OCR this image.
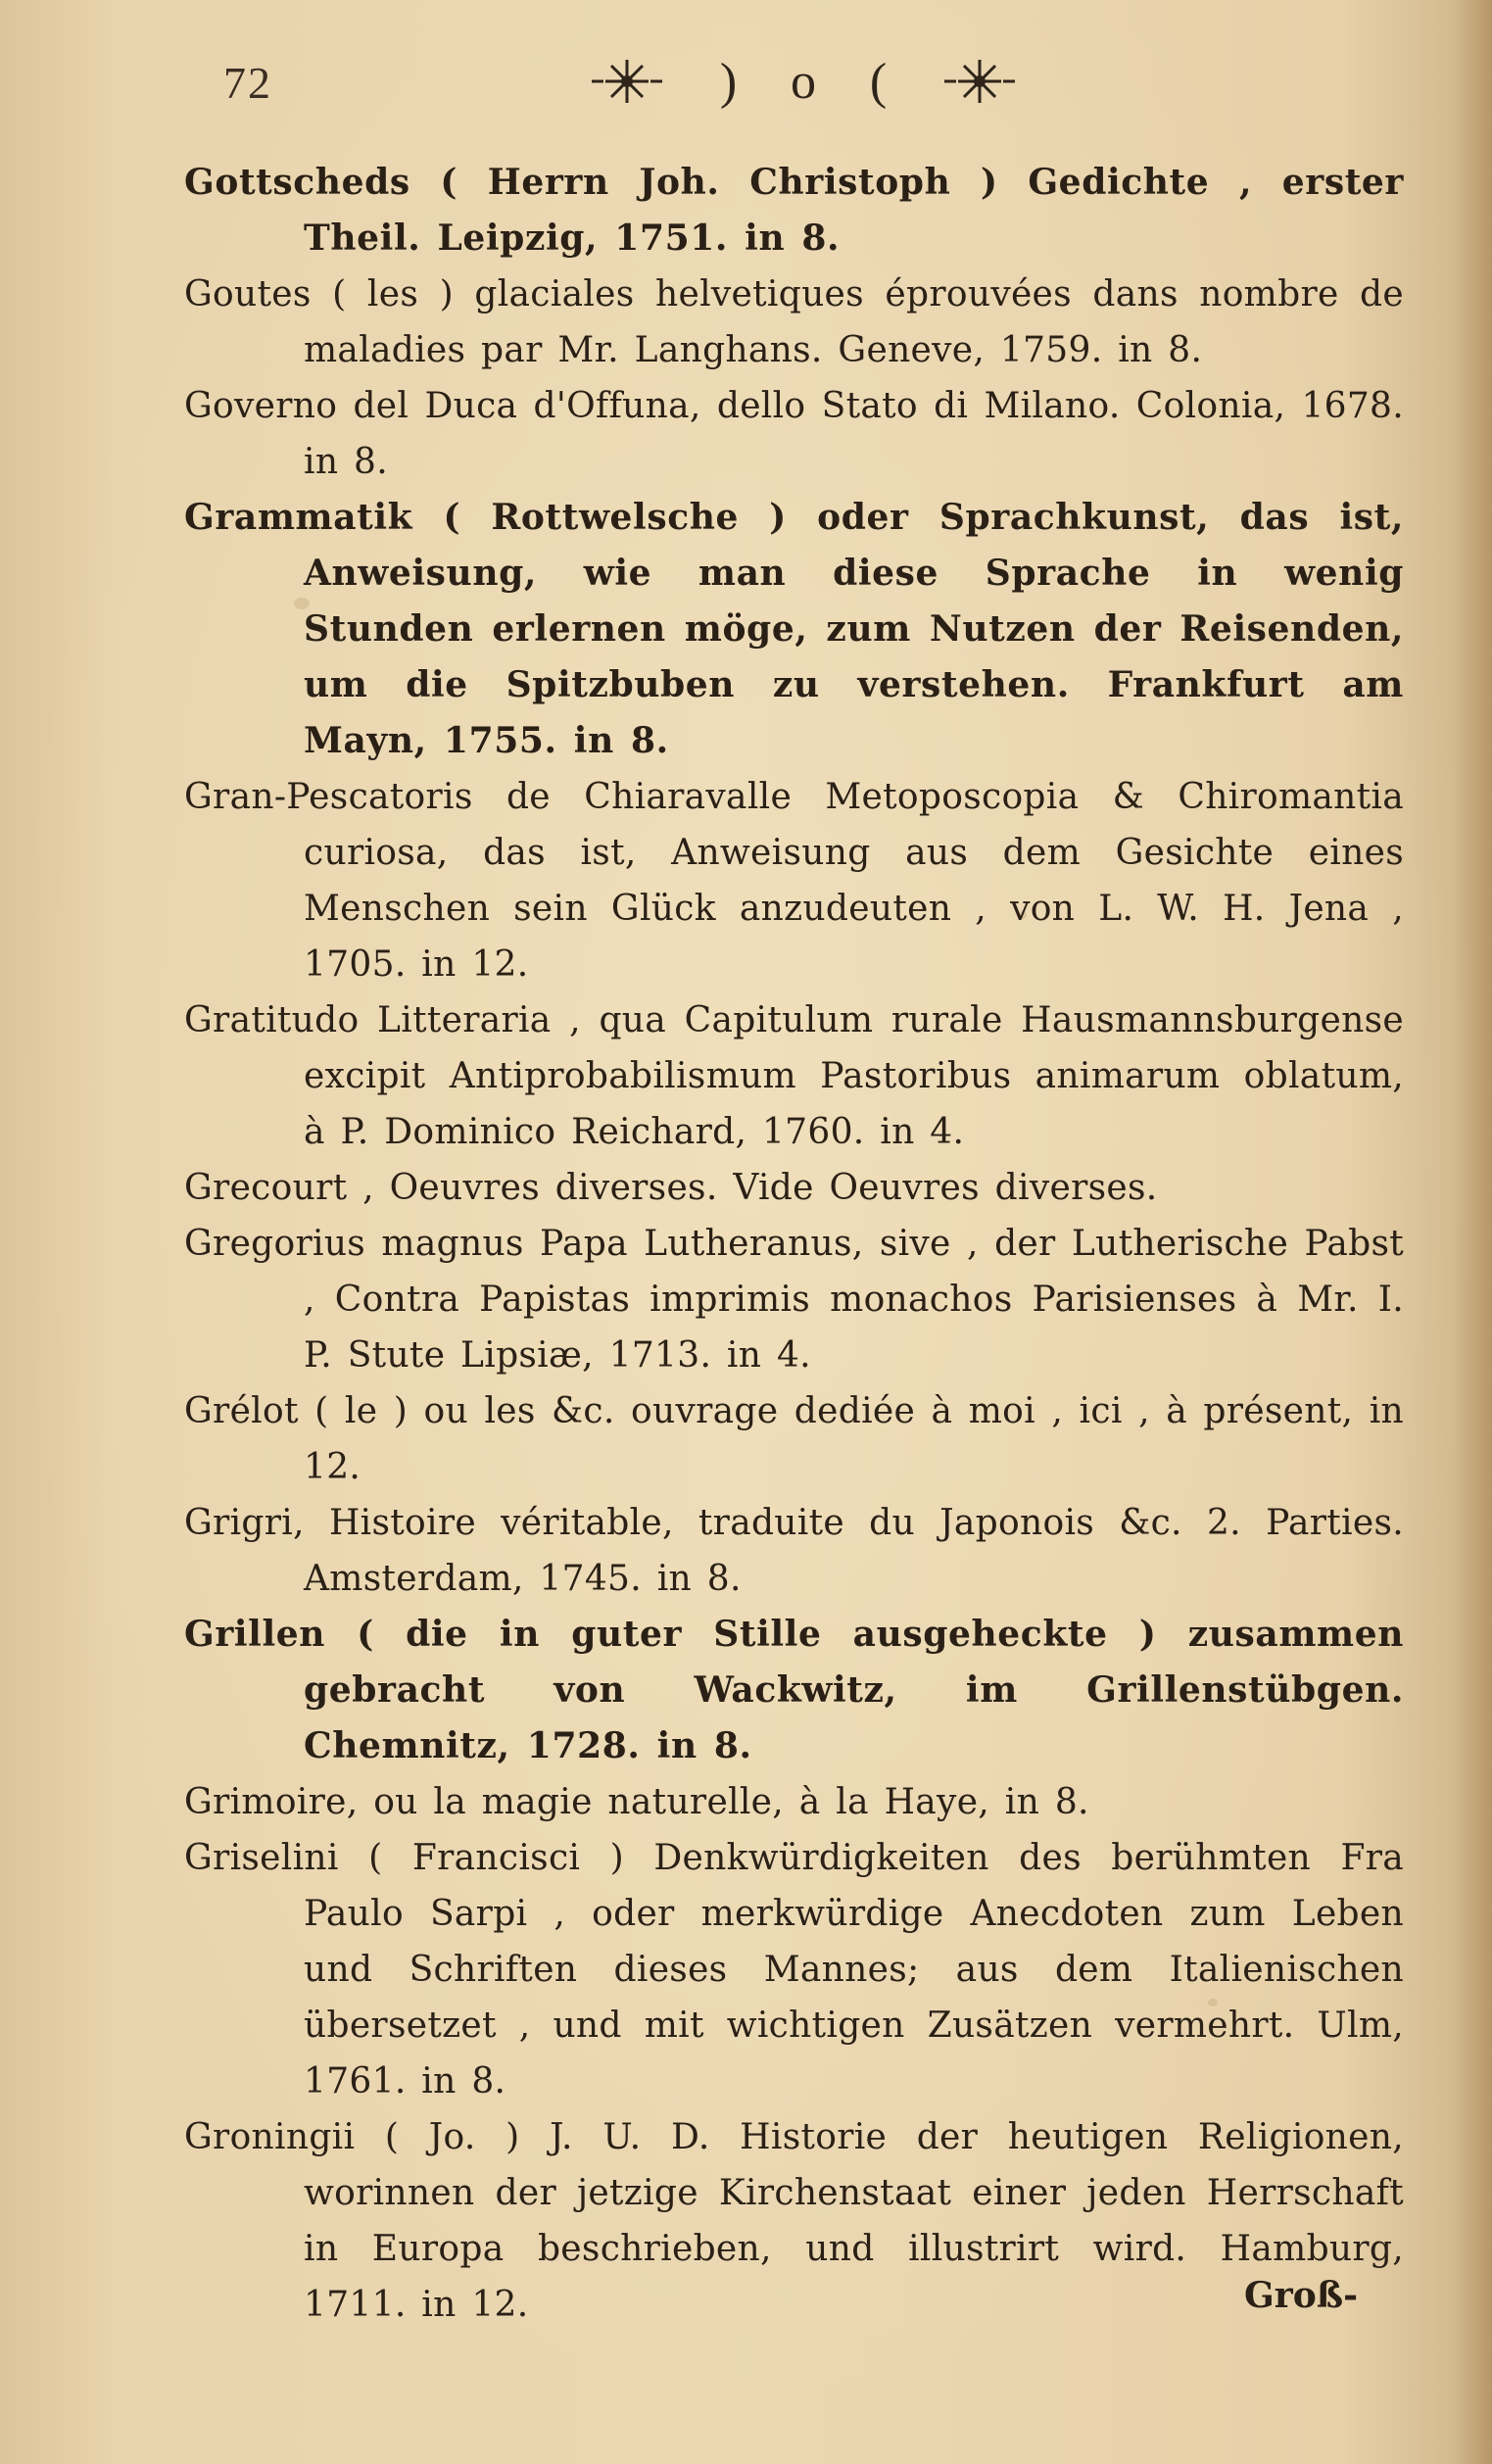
72	) o (

Gottscheds ( Herrn Joh. Christoph ) Gedichte , erster Theil. Leipzig, 1751. in 8.

Goutes ( les ) glaciales helvetiques éprouvées dans nombre de maladies par Mr. Langhans. Geneve, 1759. in 8.

Governo del Duca d'Offuna, dello Stato di Milano. Colonia, 1678. in 8.

Grammatik ( Rottwelsche ) oder Sprachkunst, das ist, Anweisung, wie man diese Sprache in wenig Stunden erlernen möge, zum Nutzen der Reisenden, um die Spitzbuben zu verstehen. Frankfurt am Mayn, 1755. in 8.

Gran-Pescatoris de Chiaravalle Metoposcopia & Chiromantia curiosa, das ist, Anweisung aus dem Gesichte eines Menschen sein Glück anzudeuten , von L. W. H. Jena , 1705. in 12.

Gratitudo Litteraria , qua Capitulum rurale Hausmannsburgense excipit Antiprobabilismum Pastoribus animarum oblatum, à P. Dominico Reichard, 1760. in 4.

Grecourt , Oeuvres diverses. Vide Oeuvres diverses.

Gregorius magnus Papa Lutheranus, sive , der Lutherische Pabst , Contra Papistas imprimis monachos Parisienses à Mr. I. P. Stute Lipsiæ, 1713. in 4.

Grélot ( le ) ou les &c. ouvrage dediée à moi , ici , à présent, in 12.

Grigri, Histoire véritable, traduite du Japonois &c. 2. Parties. Amsterdam, 1745. in 8.

Grillen ( die in guter Stille ausgeheckte ) zusammen gebracht von Wackwitz, im Grillenstübgen. Chemnitz, 1728. in 8.

Grimoire, ou la magie naturelle, à la Haye, in 8.

Griselini ( Francisci ) Denkwürdigkeiten des berühmten Fra Paulo Sarpi , oder merkwürdige Anecdoten zum Leben und Schriften dieses Mannes; aus dem Italienischen übersetzet , und mit wichtigen Zusätzen vermehrt. Ulm, 1761. in 8.

Groningii ( Jo. ) J. U. D. Historie der heutigen Religionen, worinnen der jetzige Kirchenstaat einer jeden Herrschaft in Europa beschrieben, und illustrirt wird. Hamburg, 1711. in 12.	Groß-
